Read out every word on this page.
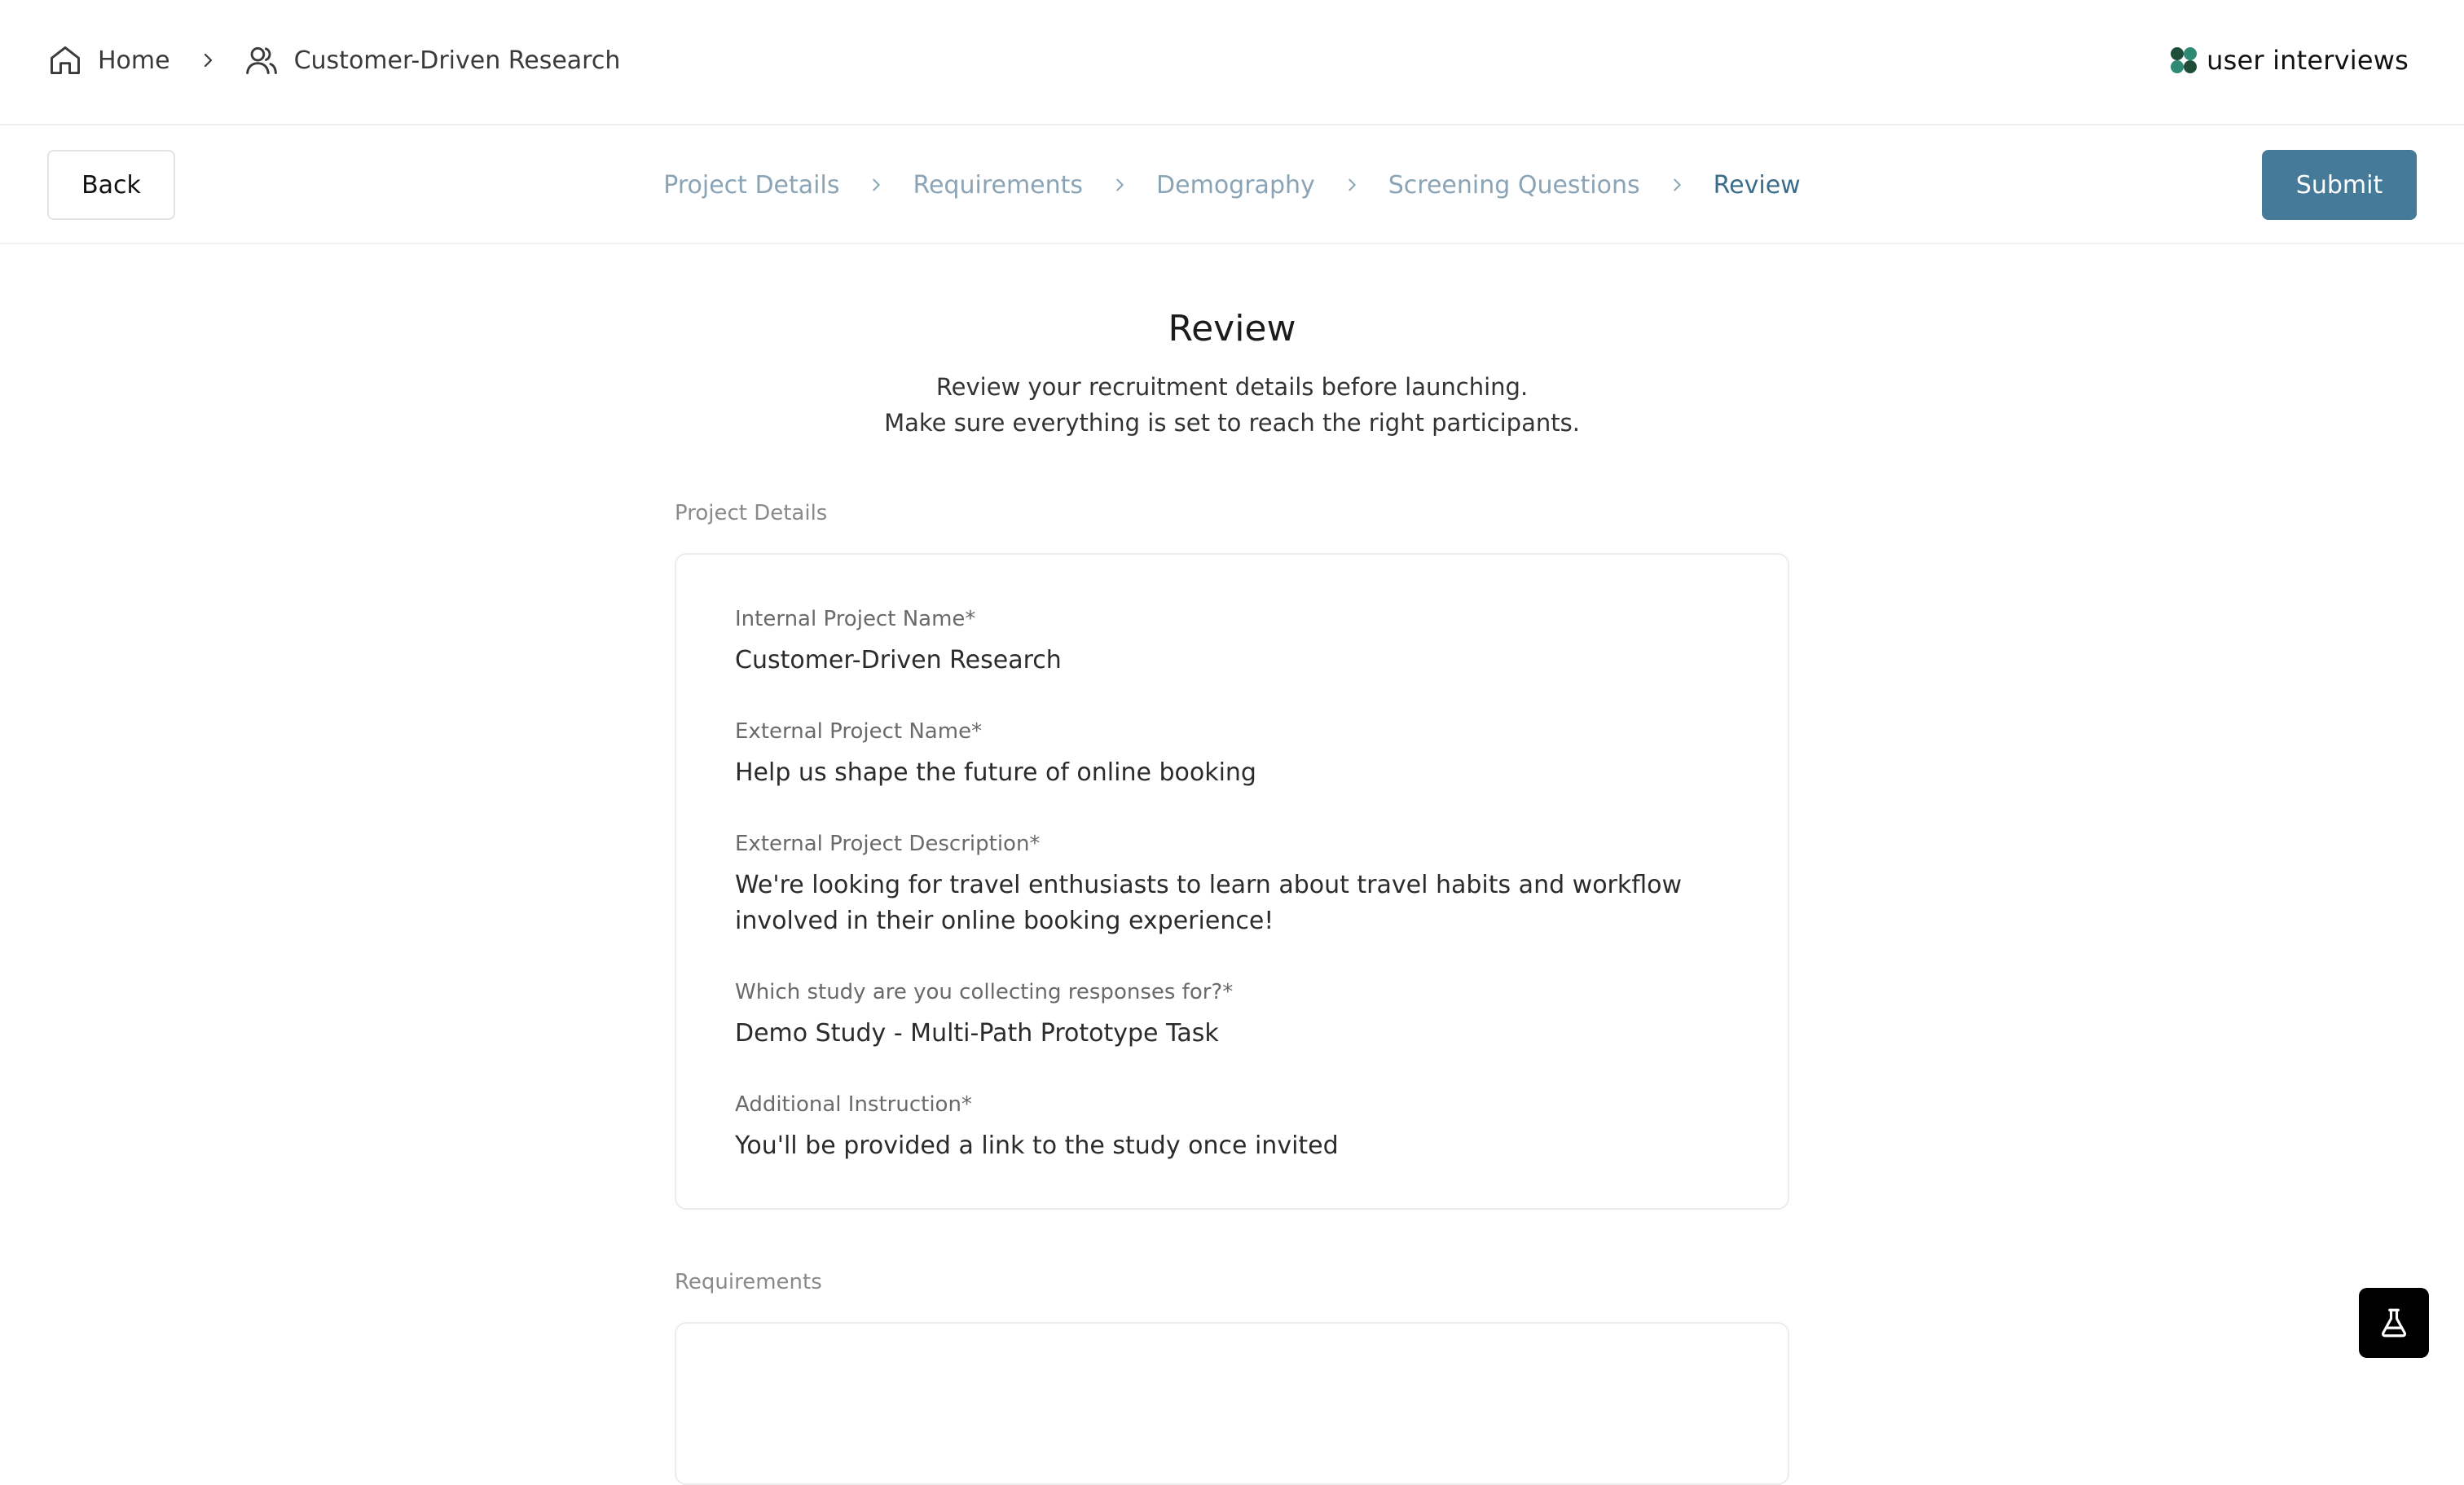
Home	Customer-Driven Research	user interviews
Back	Project Details	Requirements	Demography	Screening Questions	Review	Submit
Review
Review your recruitment details before launching.
Make sure everything is set to reach the right participants.
Project Details
Internal Project Name*
Customer-Driven Research
External Project Name*
Help us shape the future of online booking
External Project Description*
We're looking for travel enthusiasts to learn about travel habits and workflow involved in their online booking experience!
Which study are you collecting responses for?*
Demo Study - Multi-Path Prototype Task
Additional Instruction*
You'll be provided a link to the study once invited
Requirements
